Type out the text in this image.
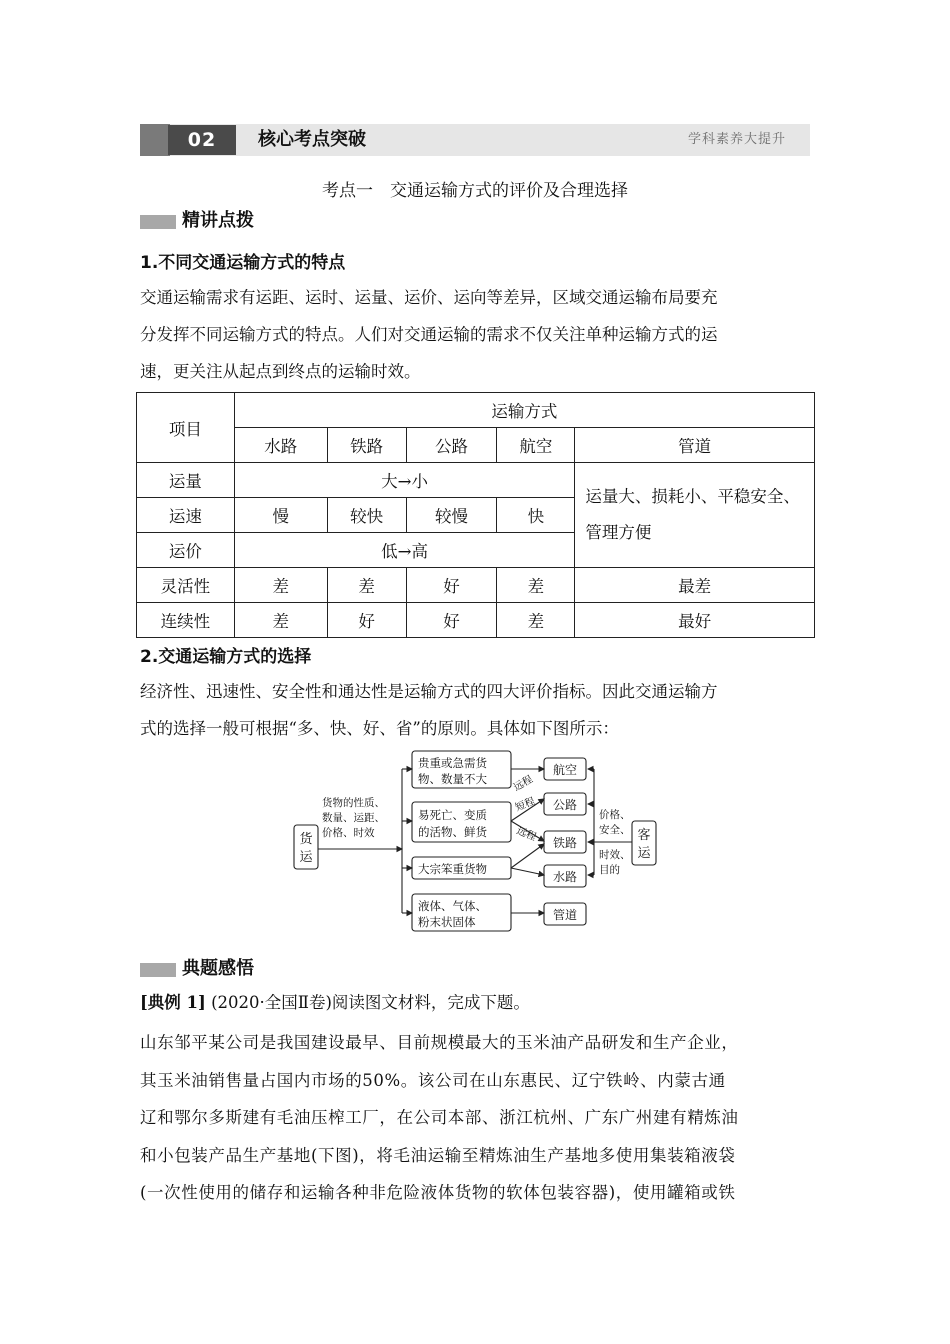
02	核心考点突破	学科素养大提升
考点一　交通运输方式的评价及合理选择
精讲点拨
1.不同交通运输方式的特点
交通运输需求有运距、运时、运量、运价、运向等差异，区域交通运输布局要充
分发挥不同运输方式的特点。人们对交通运输的需求不仅关注单种运输方式的运
速，更关注从起点到终点的运输时效。
项目	运输方式				
	水路	铁路	公路	航空	管道
运量	大→小				运量大、损耗小、平稳安全、管理方便
运速	慢	较快	较慢	快	
运价	低→高				
灵活性	差	差	好	差	最差
连续性	差	好	好	差	最好
2.交通运输方式的选择
经济性、迅速性、安全性和通达性是运输方式的四大评价指标。因此交通运输方
式的选择一般可根据“多、快、好、省”的原则。具体如下图所示：
货
运
货物的性质、
数量、运距、
价格、时效
贵重或急需货
物、数量不大
易死亡、变质
的活物、鲜货
大宗笨重货物
液体、气体、
粉末状固体
远程
短程
远程
航空
公路
铁路
水路
管道
价格、
安全、
时效、
目的
客
运
典题感悟
[典例 1] (2020·全国Ⅱ卷)阅读图文材料，完成下题。
山东邹平某公司是我国建设最早、目前规模最大的玉米油产品研发和生产企业，
其玉米油销售量占国内市场的50%。该公司在山东惠民、辽宁铁岭、内蒙古通
辽和鄂尔多斯建有毛油压榨工厂，在公司本部、浙江杭州、广东广州建有精炼油
和小包装产品生产基地(下图)，将毛油运输至精炼油生产基地多使用集装箱液袋
(一次性使用的储存和运输各种非危险液体货物的软体包装容器)，使用罐箱或铁
